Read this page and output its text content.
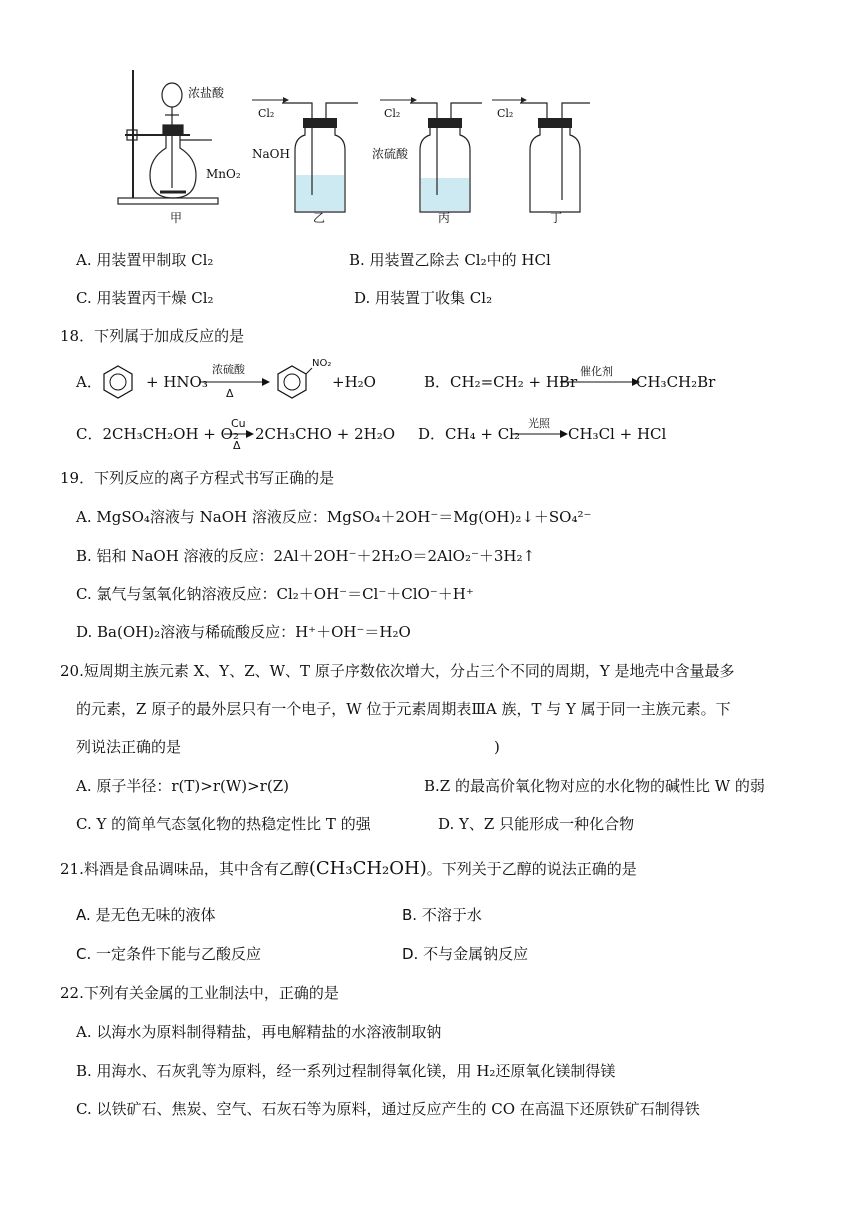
浓盐酸
MnO₂
甲
Cl₂
NaOH
乙
Cl₂
浓硫酸
丙
Cl₂
丁
A. 用装置甲制取 Cl₂	B. 用装置乙除去 Cl₂中的 HCl
C. 用装置丙干燥 Cl₂	D. 用装置丁收集 Cl₂
18．下列属于加成反应的是
A．	+ HNO₃
浓硫酸
Δ
NO₂
+H₂O	B．CH₂=CH₂ + HBr
催化剂
CH₃CH₂Br
C．2CH₃CH₂OH + O₂
Cu
Δ
2CH₃CHO + 2H₂O D．CH₄ + Cl₂
光照
CH₃Cl + HCl
19．下列反应的离子方程式书写正确的是
A. MgSO₄溶液与 NaOH 溶液反应：MgSO₄＋2OH⁻＝Mg(OH)₂↓＋SO₄²⁻
B. 铝和 NaOH 溶液的反应：2Al＋2OH⁻＋2H₂O＝2AlO₂⁻＋3H₂↑
C. 氯气与氢氧化钠溶液反应：Cl₂＋OH⁻＝Cl⁻＋ClO⁻＋H⁺
D. Ba(OH)₂溶液与稀硫酸反应：H⁺＋OH⁻＝H₂O
20.短周期主族元素 X、Y、Z、W、T 原子序数依次增大，分占三个不同的周期，Y 是地壳中含量最多
的元素，Z 原子的最外层只有一个电子，W 位于元素周期表ⅢA 族，T 与 Y 属于同一主族元素。下
列说法正确的是	)
A. 原子半径：r(T)>r(W)>r(Z)	B.Z 的最高价氧化物对应的水化物的碱性比 W 的弱
C. Y 的简单气态氢化物的热稳定性比 T 的强	D. Y、Z 只能形成一种化合物
21.料酒是食品调味品，其中含有乙醇(CH₃CH₂OH)。下列关于乙醇的说法正确的是
A. 是无色无味的液体	B. 不溶于水
C. 一定条件下能与乙酸反应	D. 不与金属钠反应
22.下列有关金属的工业制法中，正确的是
A. 以海水为原料制得精盐，再电解精盐的水溶液制取钠
B. 用海水、石灰乳等为原料，经一系列过程制得氧化镁，用 H₂还原氧化镁制得镁
C. 以铁矿石、焦炭、空气、石灰石等为原料，通过反应产生的 CO 在高温下还原铁矿石制得铁
